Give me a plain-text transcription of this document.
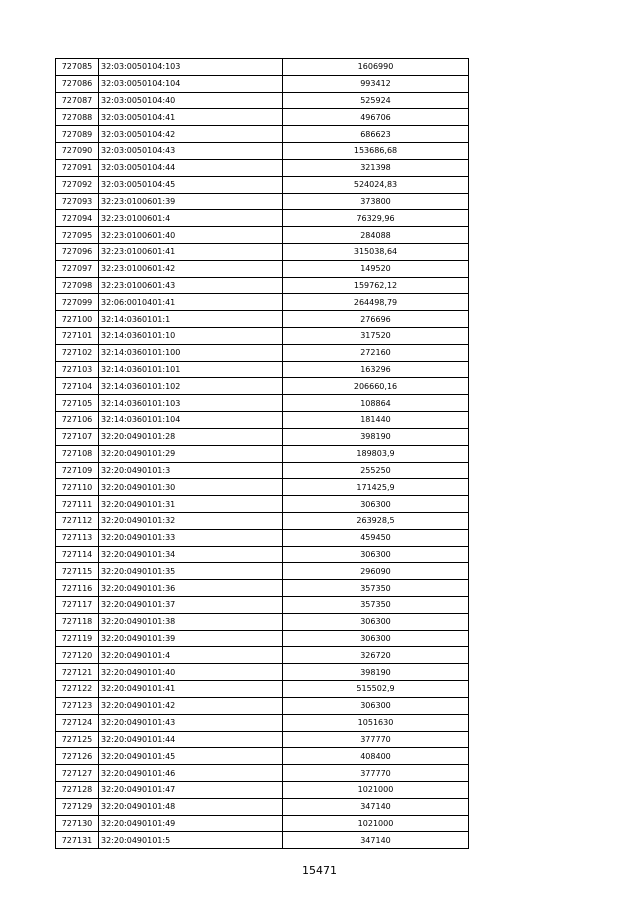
727085	32:03:0050104:103	1606990
727086	32:03:0050104:104	993412
727087	32:03:0050104:40	525924
727088	32:03:0050104:41	496706
727089	32:03:0050104:42	686623
727090	32:03:0050104:43	153686,68
727091	32:03:0050104:44	321398
727092	32:03:0050104:45	524024,83
727093	32:23:0100601:39	373800
727094	32:23:0100601:4	76329,96
727095	32:23:0100601:40	284088
727096	32:23:0100601:41	315038,64
727097	32:23:0100601:42	149520
727098	32:23:0100601:43	159762,12
727099	32:06:0010401:41	264498,79
727100	32:14:0360101:1	276696
727101	32:14:0360101:10	317520
727102	32:14:0360101:100	272160
727103	32:14:0360101:101	163296
727104	32:14:0360101:102	206660,16
727105	32:14:0360101:103	108864
727106	32:14:0360101:104	181440
727107	32:20:0490101:28	398190
727108	32:20:0490101:29	189803,9
727109	32:20:0490101:3	255250
727110	32:20:0490101:30	171425,9
727111	32:20:0490101:31	306300
727112	32:20:0490101:32	263928,5
727113	32:20:0490101:33	459450
727114	32:20:0490101:34	306300
727115	32:20:0490101:35	296090
727116	32:20:0490101:36	357350
727117	32:20:0490101:37	357350
727118	32:20:0490101:38	306300
727119	32:20:0490101:39	306300
727120	32:20:0490101:4	326720
727121	32:20:0490101:40	398190
727122	32:20:0490101:41	515502,9
727123	32:20:0490101:42	306300
727124	32:20:0490101:43	1051630
727125	32:20:0490101:44	377770
727126	32:20:0490101:45	408400
727127	32:20:0490101:46	377770
727128	32:20:0490101:47	1021000
727129	32:20:0490101:48	347140
727130	32:20:0490101:49	1021000
727131	32:20:0490101:5	347140
15471
